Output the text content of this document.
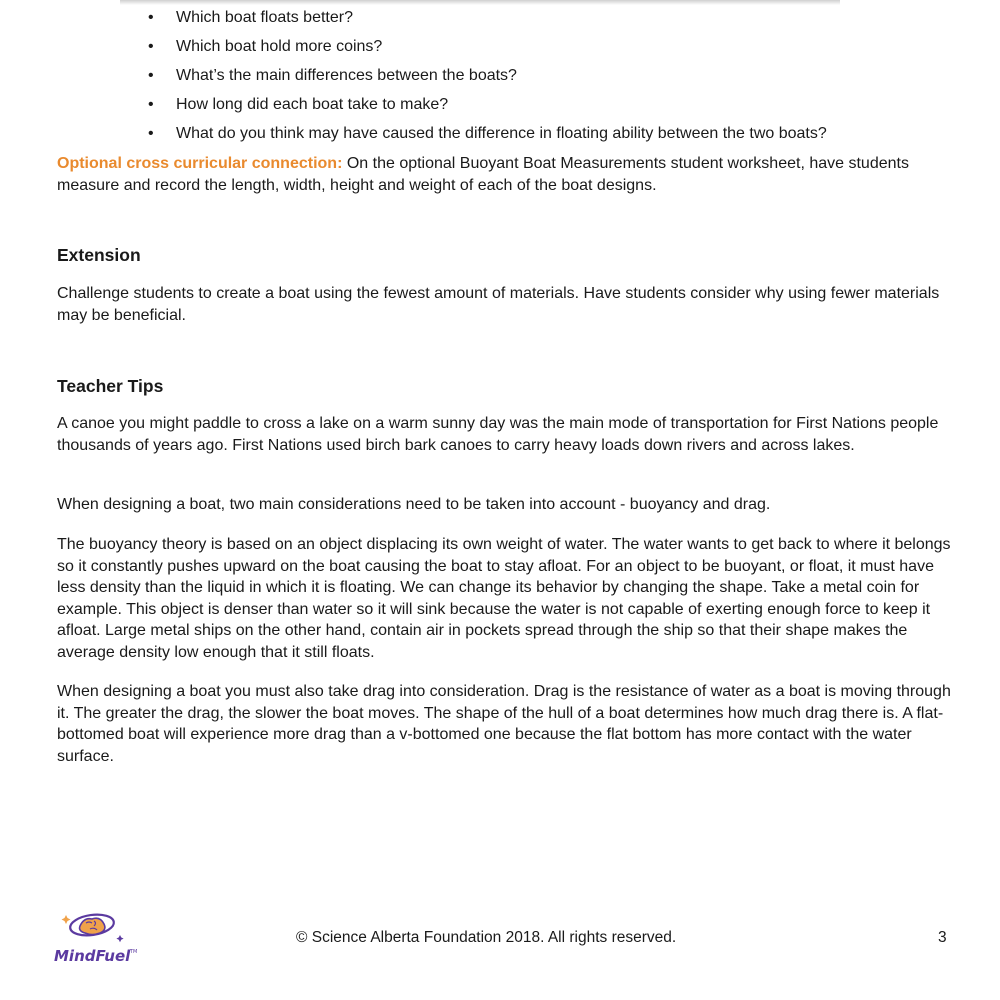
• Which boat floats better?
• Which boat hold more coins?
• What’s the main differences between the boats?
• How long did each boat take to make?
• What do you think may have caused the difference in floating ability between the two boats?

Optional cross curricular connection: On the optional Buoyant Boat Measurements student worksheet, have students measure and record the length, width, height and weight of each of the boat designs.

Extension

Challenge students to create a boat using the fewest amount of materials. Have students consider why using fewer materials may be beneficial.

Teacher Tips

A canoe you might paddle to cross a lake on a warm sunny day was the main mode of transportation for First Nations people thousands of years ago. First Nations used birch bark canoes to carry heavy loads down rivers and across lakes.

When designing a boat, two main considerations need to be taken into account - buoyancy and drag.

The buoyancy theory is based on an object displacing its own weight of water. The water wants to get back to where it belongs so it constantly pushes upward on the boat causing the boat to stay afloat. For an object to be buoyant, or float, it must have less density than the liquid in which it is floating. We can change its behavior by changing the shape. Take a metal coin for example. This object is denser than water so it will sink because the water is not capable of exerting enough force to keep it afloat. Large metal ships on the other hand, contain air in pockets spread through the ship so that their shape makes the average density low enough that it still floats.

When designing a boat you must also take drag into consideration. Drag is the resistance of water as a boat is moving through it. The greater the drag, the slower the boat moves. The shape of the hull of a boat determines how much drag there is. A flat-bottomed boat will experience more drag than a v-bottomed one because the flat bottom has more contact with the water surface.

MindFuel TM
© Science Alberta Foundation 2018. All rights reserved.	3
